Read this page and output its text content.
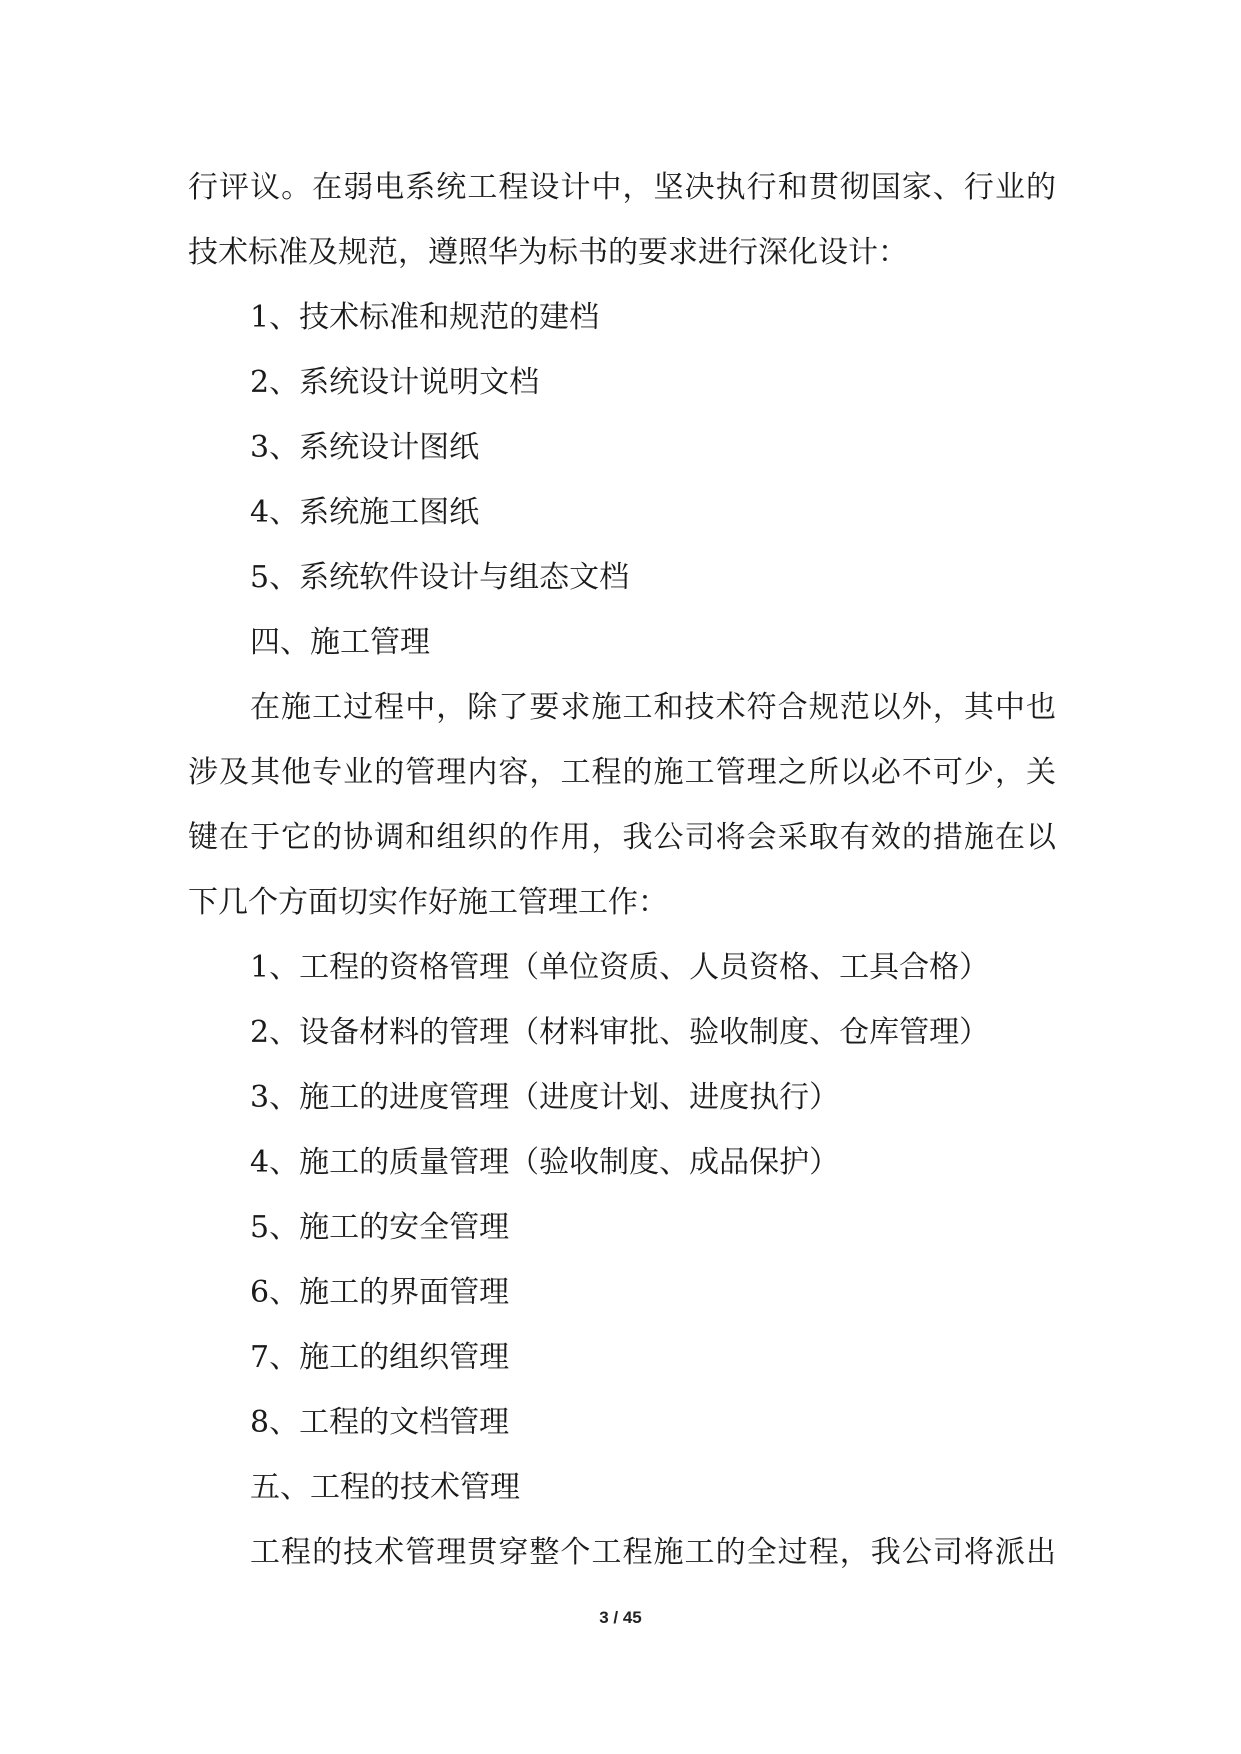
行评议。在弱电系统工程设计中，坚决执行和贯彻国家、行业的
技术标准及规范，遵照华为标书的要求进行深化设计：
1、技术标准和规范的建档
2、系统设计说明文档
3、系统设计图纸
4、系统施工图纸
5、系统软件设计与组态文档
四、施工管理
在施工过程中，除了要求施工和技术符合规范以外，其中也
涉及其他专业的管理内容，工程的施工管理之所以必不可少，关
键在于它的协调和组织的作用，我公司将会采取有效的措施在以
下几个方面切实作好施工管理工作：
1、工程的资格管理（单位资质、人员资格、工具合格）
2、设备材料的管理（材料审批、验收制度、仓库管理）
3、施工的进度管理（进度计划、进度执行）
4、施工的质量管理（验收制度、成品保护）
5、施工的安全管理
6、施工的界面管理
7、施工的组织管理
8、工程的文档管理
五、工程的技术管理
工程的技术管理贯穿整个工程施工的全过程，我公司将派出
3 / 45
